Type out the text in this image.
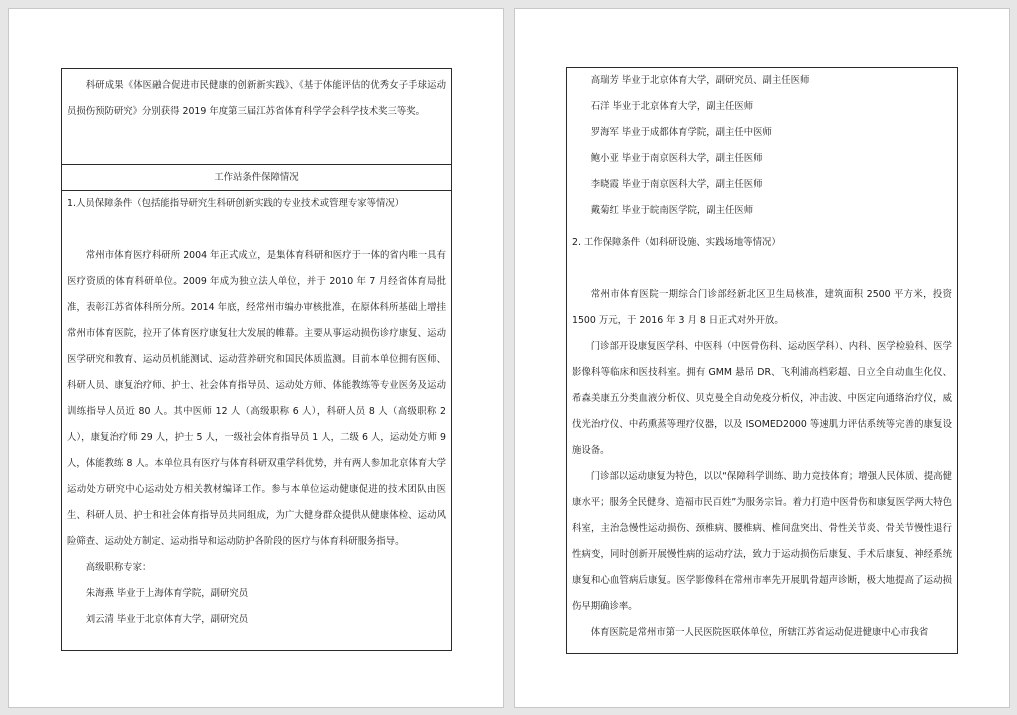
科研成果《体医融合促进市民健康的创新新实践》、《基于体能评估的优秀女子手球运动员损伤预防研究》分别获得 2019 年度第三届江苏省体育科学学会科学技术奖三等奖。

工作站条件保障情况

1.人员保障条件（包括能指导研究生科研创新实践的专业技术或管理专家等情况）

常州市体育医疗科研所 2004 年正式成立，是集体育科研和医疗于一体的省内唯一具有医疗资质的体育科研单位。2009 年成为独立法人单位，并于 2010 年 7 月经省体育局批准，表彰江苏省体科所分所。2014 年底，经常州市编办审核批准，在原体科所基础上增挂常州市体育医院，拉开了体育医疗康复壮大发展的帷幕。主要从事运动损伤诊疗康复、运动医学研究和教育、运动员机能测试、运动营养研究和国民体质监测。目前本单位拥有医师、科研人员、康复治疗师、护士、社会体育指导员、运动处方师、体能教练等专业医务及运动训练指导人员近 80 人。其中医师 12 人（高级职称 6 人），科研人员 8 人（高级职称 2 人），康复治疗师 29 人，护士 5 人，一级社会体育指导员 1 人，二级 6 人，运动处方师 9 人，体能教练 8 人。本单位具有医疗与体育科研双重学科优势，并有两人参加北京体育大学运动处方研究中心运动处方相关教材编译工作。参与本单位运动健康促进的技术团队由医生、科研人员、护士和社会体育指导员共同组成，为广大健身群众提供从健康体检、运动风险筛查、运动处方制定、运动指导和运动防护各阶段的医疗与体育科研服务指导。

高级职称专家：

朱海燕 毕业于上海体育学院，副研究员

刘云清 毕业于北京体育大学，副研究员

高瑞芳 毕业于北京体育大学，副研究员、副主任医师

石洋 毕业于北京体育大学，副主任医师

罗海军 毕业于成都体育学院，副主任中医师

鲍小亚 毕业于南京医科大学，副主任医师

李晓霞 毕业于南京医科大学，副主任医师

戴菊红 毕业于皖南医学院，副主任医师

2. 工作保障条件（如科研设施、实践场地等情况）

常州市体育医院一期综合门诊部经新北区卫生局核准，建筑面积 2500 平方米，投资 1500 万元，于 2016 年 3 月 8 日正式对外开放。

门诊部开设康复医学科、中医科（中医骨伤科、运动医学科）、内科、医学检验科、医学影像科等临床和医技科室。拥有 GMM 悬吊 DR、飞利浦高档彩超、日立全自动血生化仪、希森美康五分类血液分析仪、贝克曼全自动免疫分析仪，冲击波、中医定向通络治疗仪，威伐光治疗仪、中药熏蒸等理疗仪器，以及 ISOMED2000 等速肌力评估系统等完善的康复设施设备。

门诊部以运动康复为特色，以以“保障科学训练、助力竞技体育；增强人民体质、提高健康水平；服务全民健身、造福市民百姓”为服务宗旨。着力打造中医骨伤和康复医学两大特色科室，主治急慢性运动损伤、颈椎病、腰椎病、椎间盘突出、骨性关节炎、骨关节慢性退行性病变，同时创新开展慢性病的运动疗法，致力于运动损伤后康复、手术后康复、神经系统康复和心血管病后康复。医学影像科在常州市率先开展肌骨超声诊断，极大地提高了运动损伤早期确诊率。

体育医院是常州市第一人民医院医联体单位，所辖江苏省运动促进健康中心市我省
